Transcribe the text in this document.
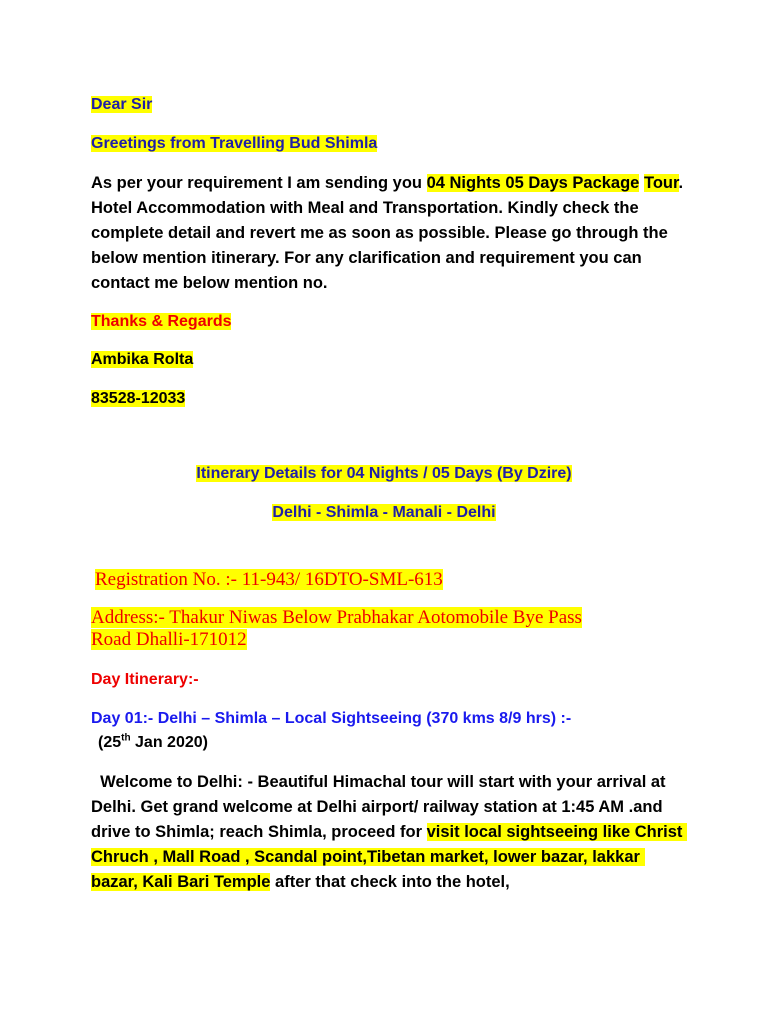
Dear Sir
Greetings from Travelling Bud Shimla
As per your requirement I am sending you 04 Nights 05 Days Package Tour. Hotel Accommodation with Meal and Transportation. Kindly check the complete detail and revert me as soon as possible. Please go through the below mention itinerary. For any clarification and requirement you can contact me below mention no.
Thanks & Regards
Ambika Rolta
83528-12033
Itinerary Details for 04 Nights / 05 Days (By Dzire)
Delhi - Shimla - Manali - Delhi
Registration No. :- 11-943/ 16DTO-SML-613
Address:- Thakur Niwas Below Prabhakar Aotomobile Bye Pass
Road Dhalli-171012
Day Itinerary:-
Day 01:- Delhi – Shimla – Local Sightseeing (370 kms 8/9 hrs) :-
(25th Jan 2020)
Welcome to Delhi: - Beautiful Himachal tour will start with your arrival at Delhi. Get grand welcome at Delhi airport/ railway station at 1:45 AM .and drive to Shimla; reach Shimla, proceed for visit local sightseeing like Christ Chruch , Mall Road , Scandal point,Tibetan market, lower bazar, lakkar bazar, Kali Bari Temple after that check into the hotel,
